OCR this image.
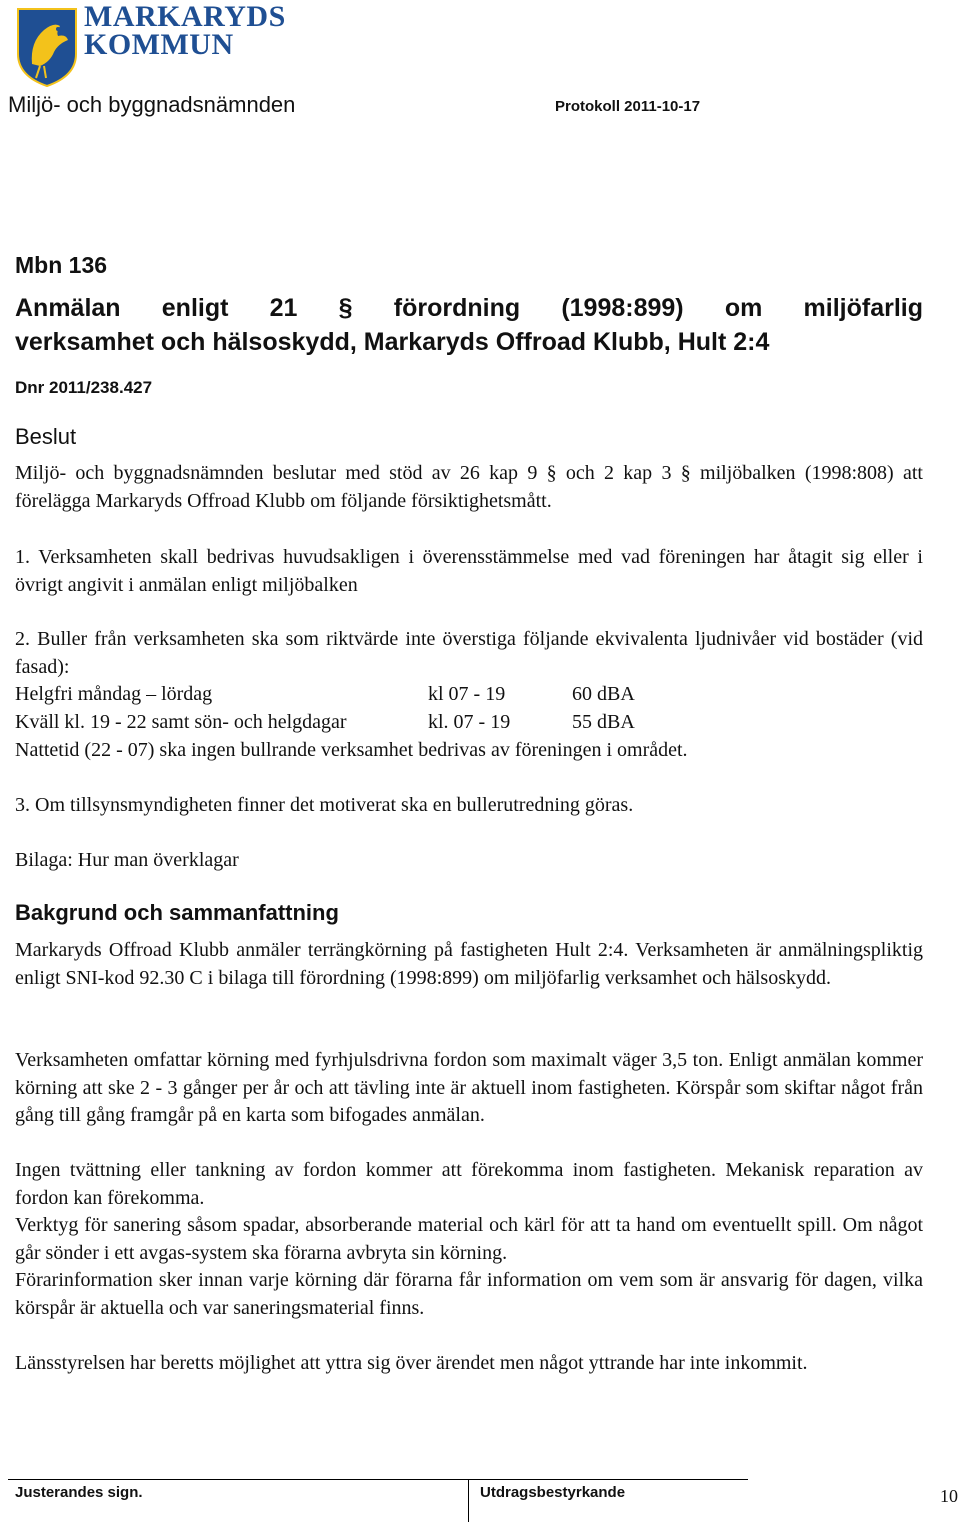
MARKARYDS
KOMMUN
Miljö- och byggnadsnämnden	Protokoll 2011-10-17
Mbn 136
Anmälan enligt 21 § förordning (1998:899) om miljöfarlig
verksamhet och hälsoskydd, Markaryds Offroad Klubb, Hult 2:4
Dnr 2011/238.427
Beslut
Miljö- och byggnadsnämnden beslutar med stöd av 26 kap 9 § och 2 kap 3 § miljöbalken (1998:808) att förelägga Markaryds Offroad Klubb om följande försiktighetsmått.
1. Verksamheten skall bedrivas huvudsakligen i överensstämmelse med vad föreningen har åtagit sig eller i övrigt angivit i anmälan enligt miljöbalken
2. Buller från verksamheten ska som riktvärde inte överstiga följande ekvivalenta ljudnivåer vid bostäder (vid fasad):
Helgfri måndag – lördag	kl 07 - 19	60 dBA
Kväll kl. 19 - 22 samt sön- och helgdagar	kl. 07 - 19	55 dBA
Nattetid (22 - 07) ska ingen bullrande verksamhet bedrivas av föreningen i området.
3. Om tillsynsmyndigheten finner det motiverat ska en bullerutredning göras.
Bilaga: Hur man överklagar
Bakgrund och sammanfattning
Markaryds Offroad Klubb anmäler terrängkörning på fastigheten Hult 2:4. Verksamheten är anmälningspliktig enligt SNI-kod 92.30 C i bilaga till förordning (1998:899) om miljöfarlig verksamhet och hälsoskydd.
Verksamheten omfattar körning med fyrhjulsdrivna fordon som maximalt väger 3,5 ton. Enligt anmälan kommer körning att ske 2 - 3 gånger per år och att tävling inte är aktuell inom fastigheten. Körspår som skiftar något från gång till gång framgår på en karta som bifogades anmälan.
Ingen tvättning eller tankning av fordon kommer att förekomma inom fastigheten. Mekanisk reparation av fordon kan förekomma.
Verktyg för sanering såsom spadar, absorberande material och kärl för att ta hand om eventuellt spill. Om något går sönder i ett avgas-system ska förarna avbryta sin körning.
Förarinformation sker innan varje körning där förarna får information om vem som är ansvarig för dagen, vilka körspår är aktuella och var saneringsmaterial finns.
Länsstyrelsen har beretts möjlighet att yttra sig över ärendet men något yttrande har inte inkommit.
Justerandes sign.	Utdragsbestyrkande	10
